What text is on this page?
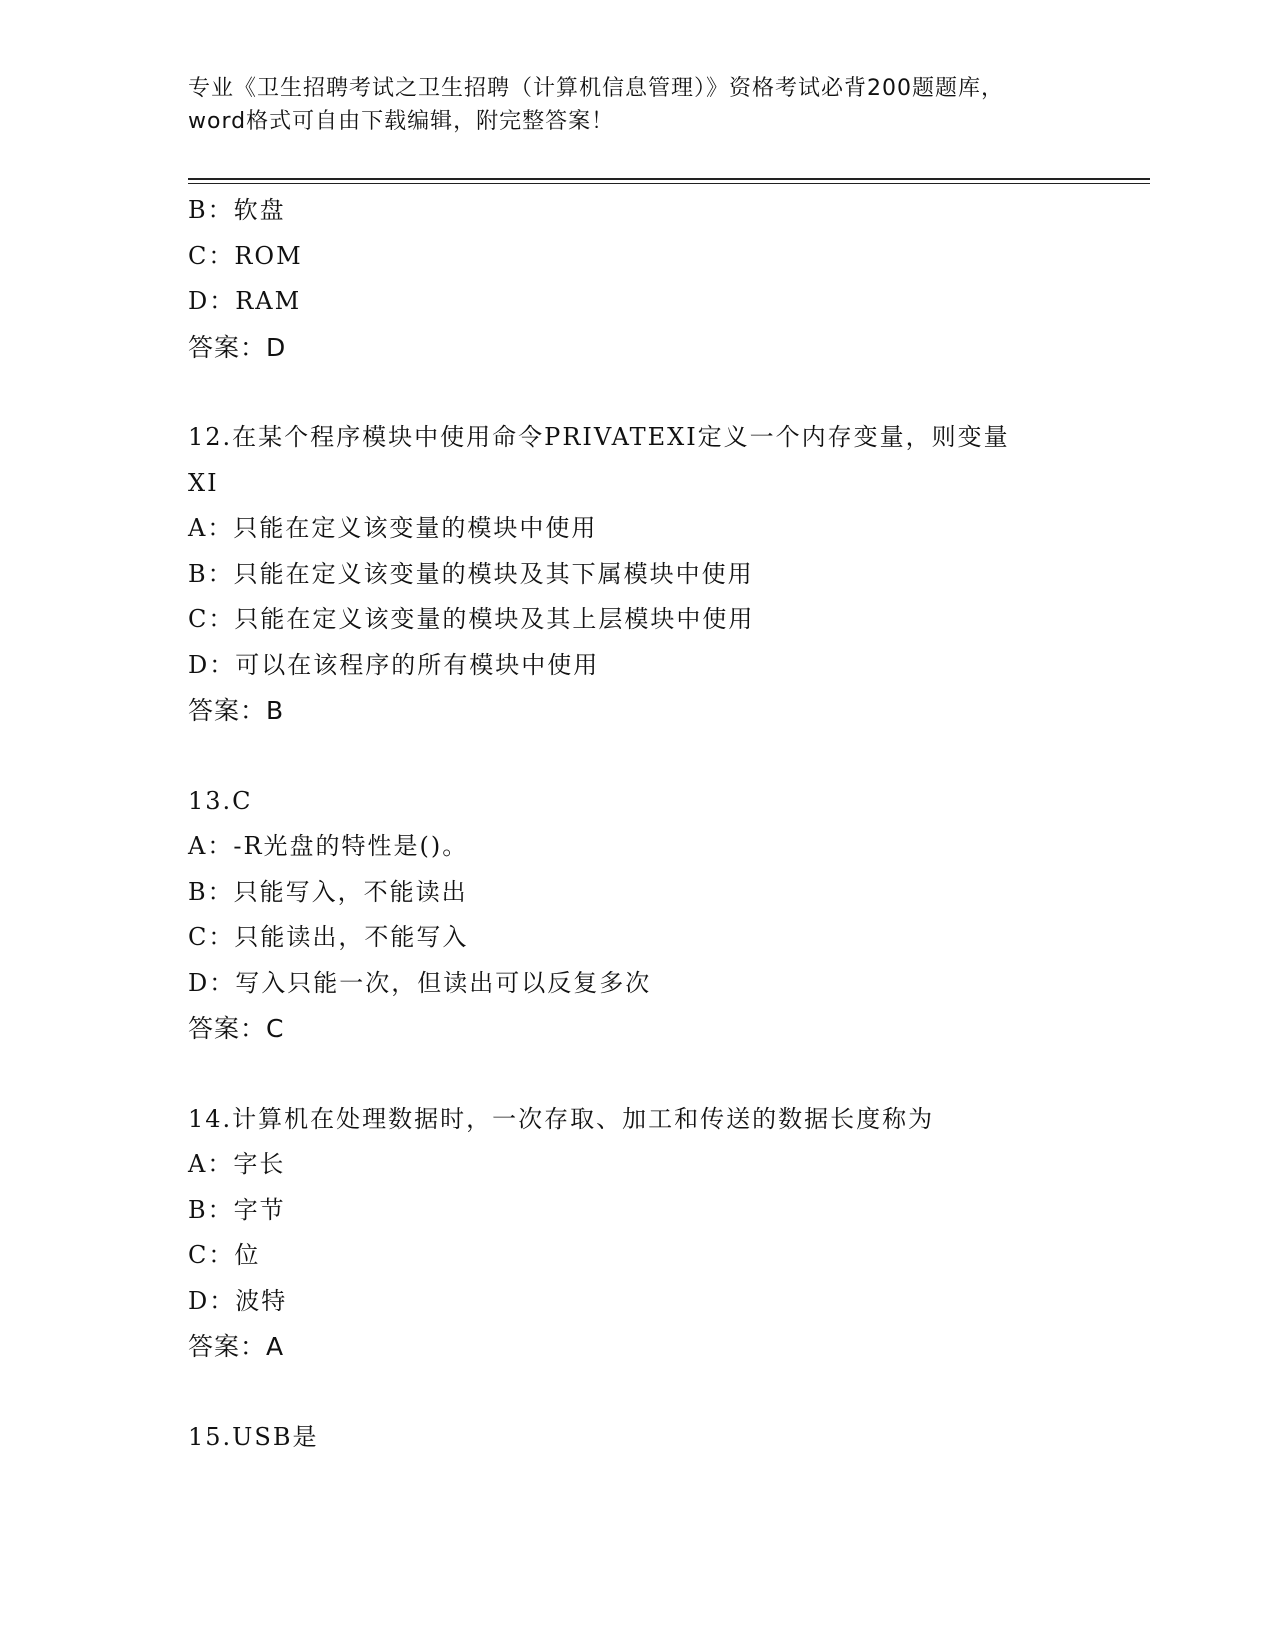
专业《卫生招聘考试之卫生招聘（计算机信息管理）》资格考试必背200题题库，
word格式可自由下载编辑，附完整答案！
B：软盘
C：ROM
D：RAM
答案：D
12.在某个程序模块中使用命令PRIVATEXI定义一个内存变量，则变量
XI
A：只能在定义该变量的模块中使用
B：只能在定义该变量的模块及其下属模块中使用
C：只能在定义该变量的模块及其上层模块中使用
D：可以在该程序的所有模块中使用
答案：B
13.C
A：-R光盘的特性是()。
B：只能写入，不能读出
C：只能读出，不能写入
D：写入只能一次，但读出可以反复多次
答案：C
14.计算机在处理数据时，一次存取、加工和传送的数据长度称为
A：字长
B：字节
C：位
D：波特
答案：A
15.USB是
